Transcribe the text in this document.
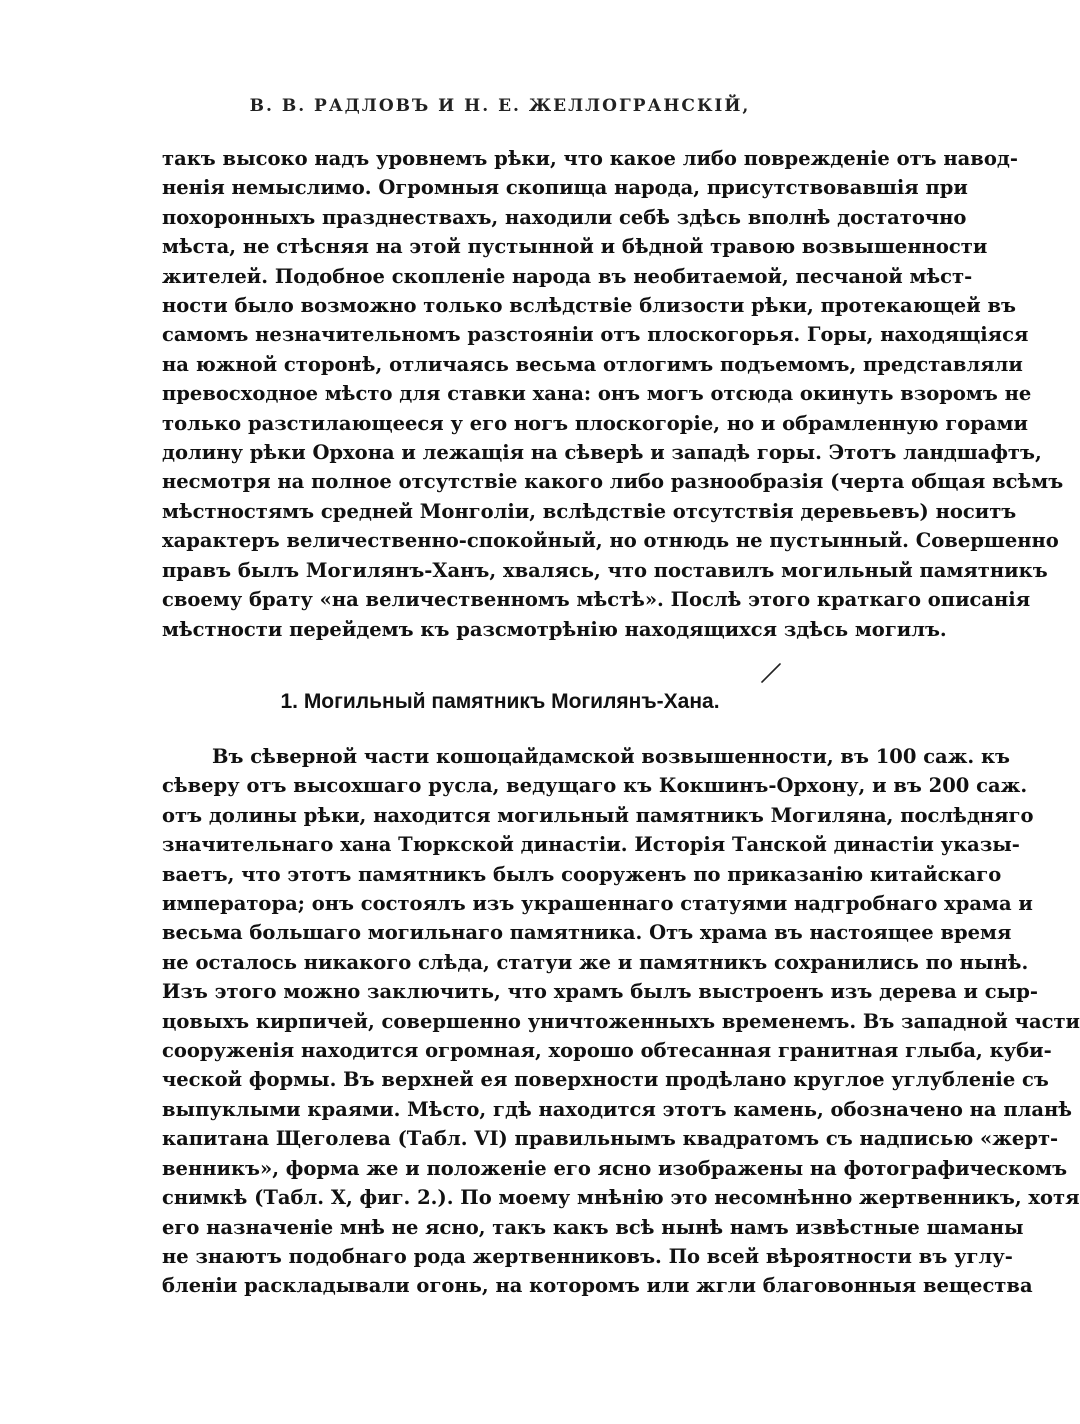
В. В. РАДЛОВЪ И Н. Е. ЖЕЛЛОГРАНСКІЙ,
такъ высоко надъ уровнемъ рѣки, что какое либо поврежденіе отъ навод-
ненія немыслимо. Огромныя скопища народа, присутствовавшія при
похоронныхъ празднествахъ, находили себѣ здѣсь вполнѣ достаточно
мѣста, не стѣсняя на этой пустынной и бѣдной травою возвышенности
жителей. Подобное скопленіе народа въ необитаемой, песчаной мѣст-
ности было возможно только вслѣдствіе близости рѣки, протекающей въ
самомъ незначительномъ разстояніи отъ плоскогорья. Горы, находящіяся
на южной сторонѣ, отличаясь весьма отлогимъ подъемомъ, представляли
превосходное мѣсто для ставки хана: онъ могъ отсюда окинуть взоромъ не
только разстилающееся у его ногъ плоскогоріе, но и обрамленную горами
долину рѣки Орхона и лежащія на сѣверѣ и западѣ горы. Этотъ ландшафтъ,
несмотря на полное отсутствіе какого либо разнообразія (черта общая всѣмъ
мѣстностямъ средней Монголіи, вслѣдствіе отсутствія деревьевъ) носитъ
характеръ величественно-спокойный, но отнюдь не пустынный. Совершенно
правъ былъ Могилянъ-Ханъ, хвалясь, что поставилъ могильный памятникъ
своему брату «на величественномъ мѣстѣ». Послѣ этого краткаго описанія
мѣстности перейдемъ къ разсмотрѣнію находящихся здѣсь могилъ.
1. Могильный памятникъ Могилянъ-Хана.
Въ сѣверной части кошоцайдамской возвышенности, въ 100 саж. къ
сѣверу отъ высохшаго русла, ведущаго къ Кокшинъ-Орхону, и въ 200 саж.
отъ долины рѣки, находится могильный памятникъ Могиляна, послѣдняго
значительнаго хана Тюркской династіи. Исторія Танской династіи указы-
ваетъ, что этотъ памятникъ былъ сооруженъ по приказанію китайскаго
императора; онъ состоялъ изъ украшеннаго статуями надгробнаго храма и
весьма большаго могильнаго памятника. Отъ храма въ настоящее время
не осталось никакого слѣда, статуи же и памятникъ сохранились по нынѣ.
Изъ этого можно заключить, что храмъ былъ выстроенъ изъ дерева и сыр-
цовыхъ кирпичей, совершенно уничтоженныхъ временемъ. Въ западной части
сооруженія находится огромная, хорошо обтесанная гранитная глыба, куби-
ческой формы. Въ верхней ея поверхности продѣлано круглое углубленіе съ
выпуклыми краями. Мѣсто, гдѣ находится этотъ камень, обозначено на планѣ
капитана Щеголева (Табл. VI) правильнымъ квадратомъ съ надписью «жерт-
венникъ», форма же и положеніе его ясно изображены на фотографическомъ
снимкѣ (Табл. X, фиг. 2.). По моему мнѣнію это несомнѣнно жертвенникъ, хотя
его назначеніе мнѣ не ясно, такъ какъ всѣ нынѣ намъ извѣстные шаманы
не знаютъ подобнаго рода жертвенниковъ. По всей вѣроятности въ углу-
бленіи раскладывали огонь, на которомъ или жгли благовонныя вещества
